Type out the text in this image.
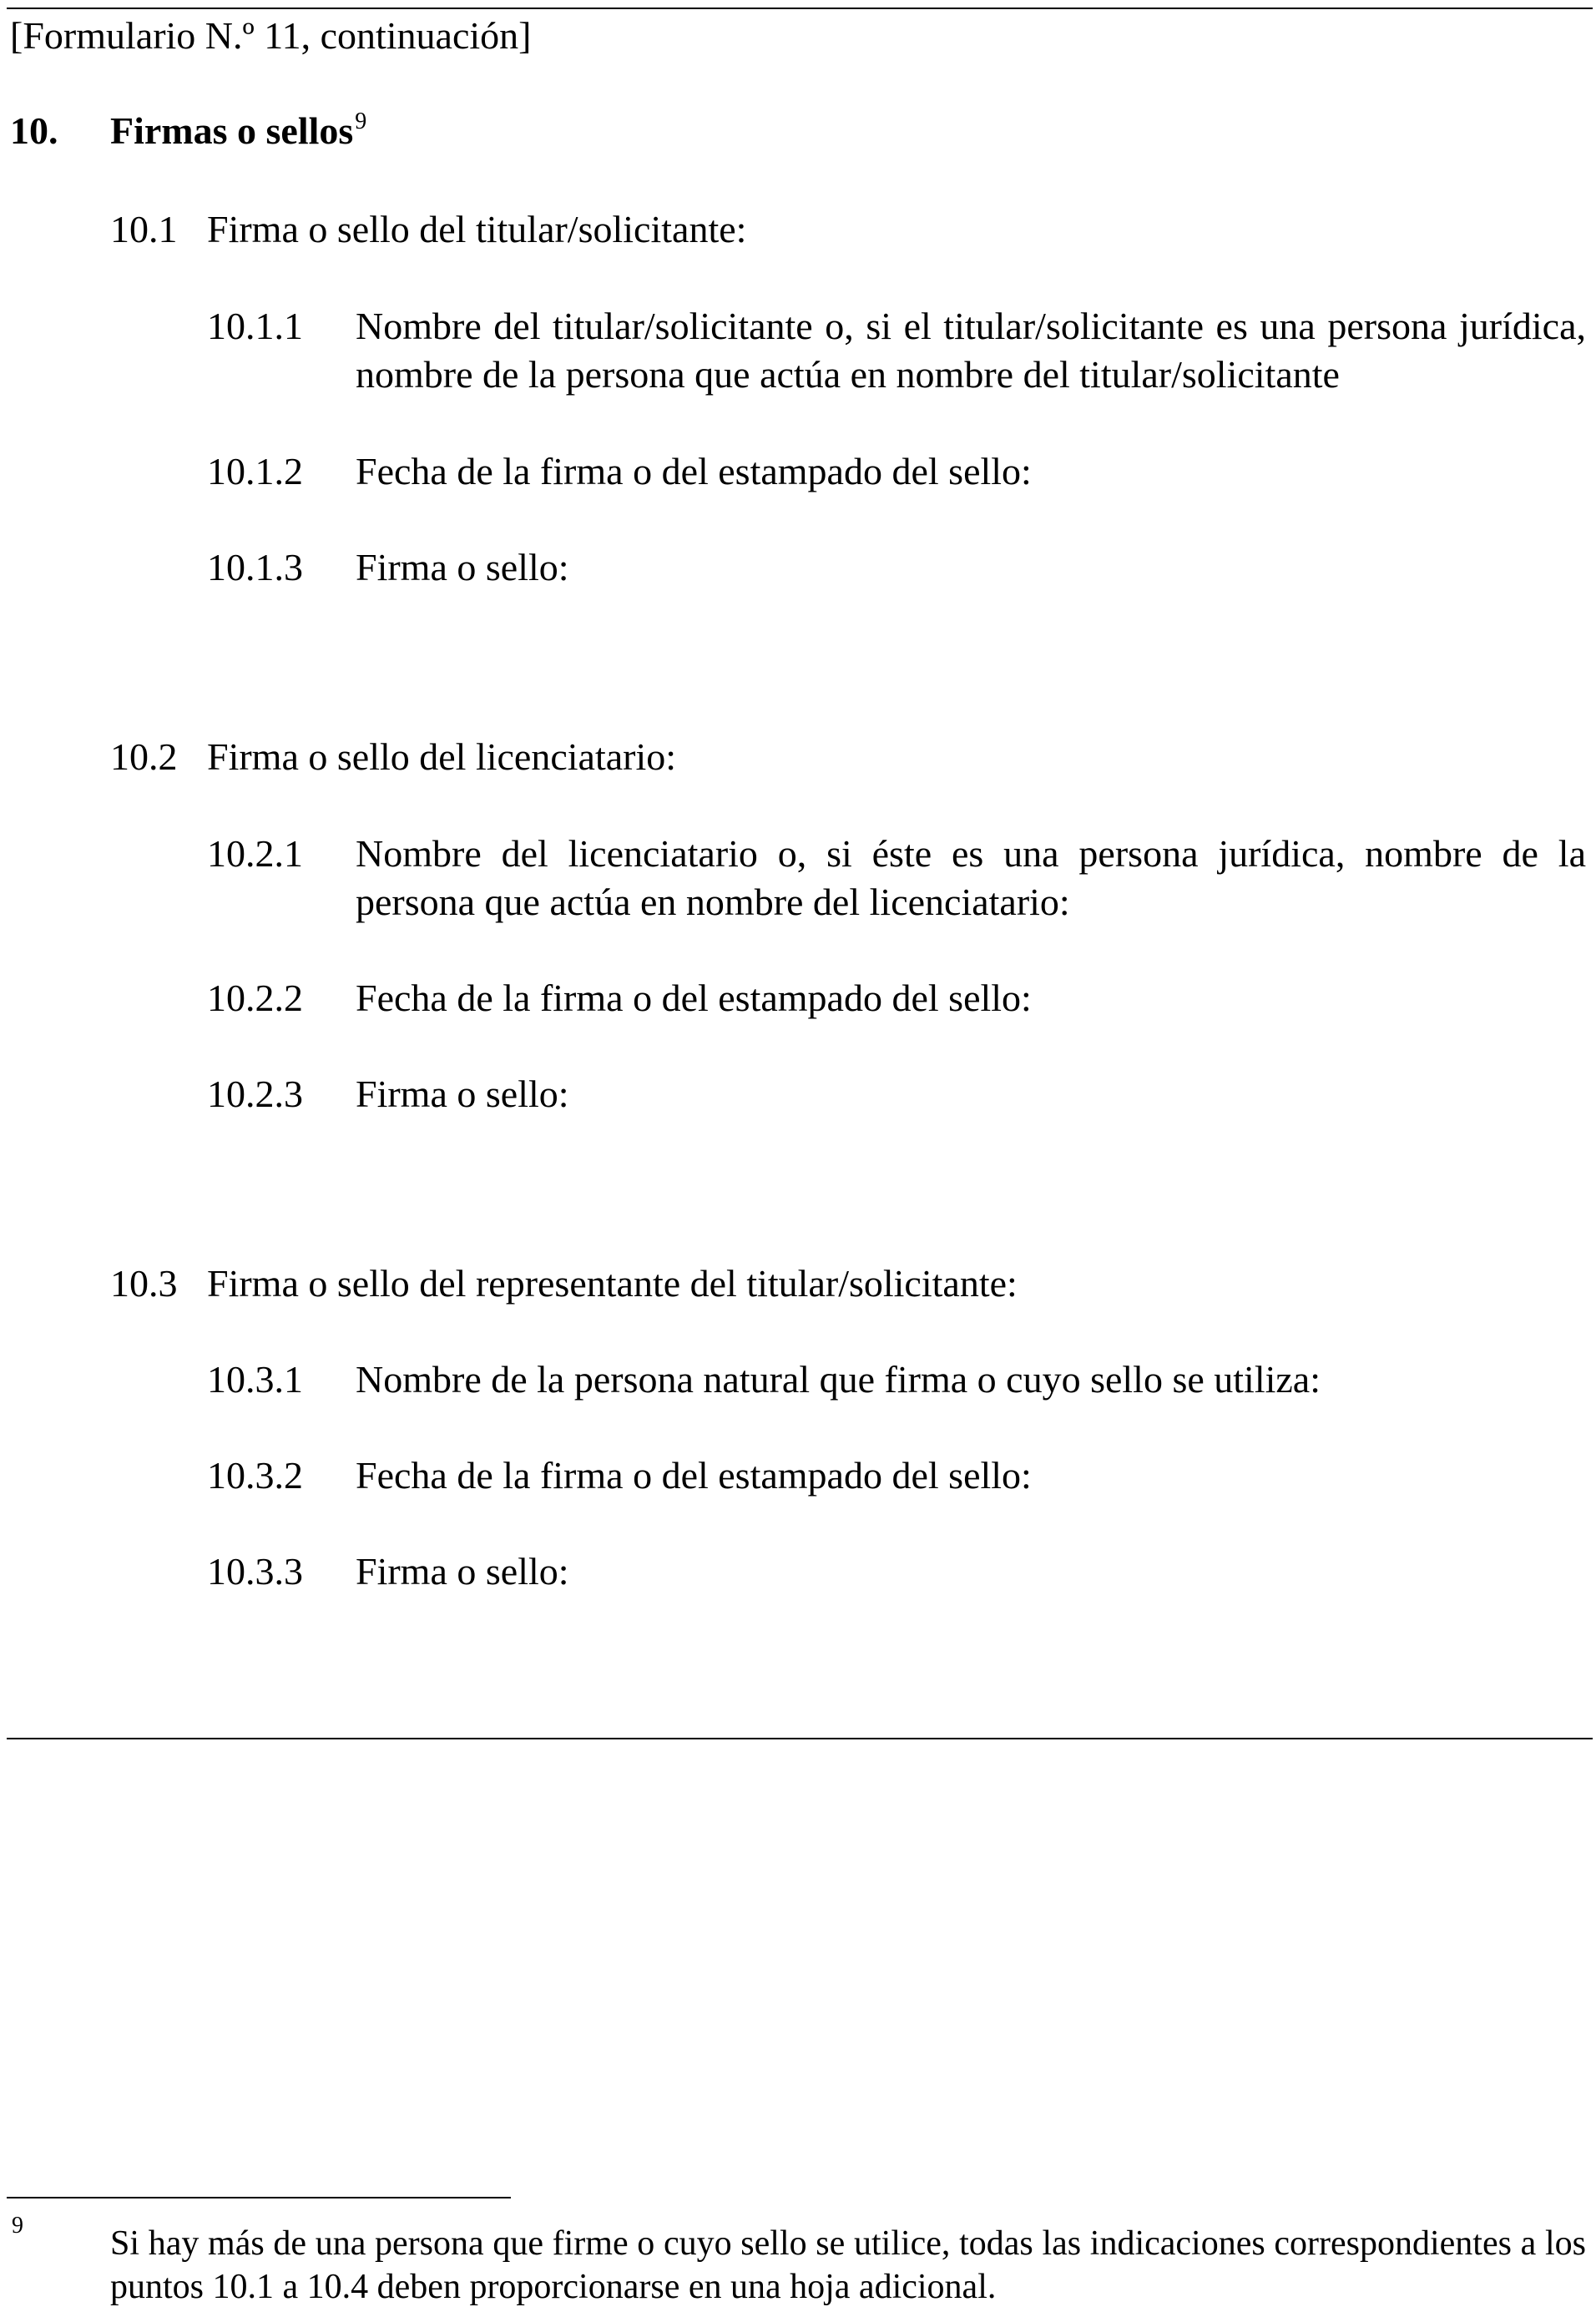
[Formulario N.º 11, continuación]
10. Firmas o sellos$^9$
10.1 Firma o sello del titular/solicitante:
10.1.1 Nombre del titular/solicitante o, si el titular/solicitante es una persona jurídica, nombre de la persona que actúa en nombre del titular/solicitante
10.1.2 Fecha de la firma o del estampado del sello:
10.1.3 Firma o sello:
10.2 Firma o sello del licenciatario:
10.2.1 Nombre del licenciatario o, si éste es una persona jurídica, nombre de la persona que actúa en nombre del licenciatario:
10.2.2 Fecha de la firma o del estampado del sello:
10.2.3 Firma o sello:
10.3 Firma o sello del representante del titular/solicitante:
10.3.1 Nombre de la persona natural que firma o cuyo sello se utiliza:
10.3.2 Fecha de la firma o del estampado del sello:
10.3.3 Firma o sello:
9 Si hay más de una persona que firme o cuyo sello se utilice, todas las indicaciones correspondientes a los puntos 10.1 a 10.4 deben proporcionarse en una hoja adicional.
